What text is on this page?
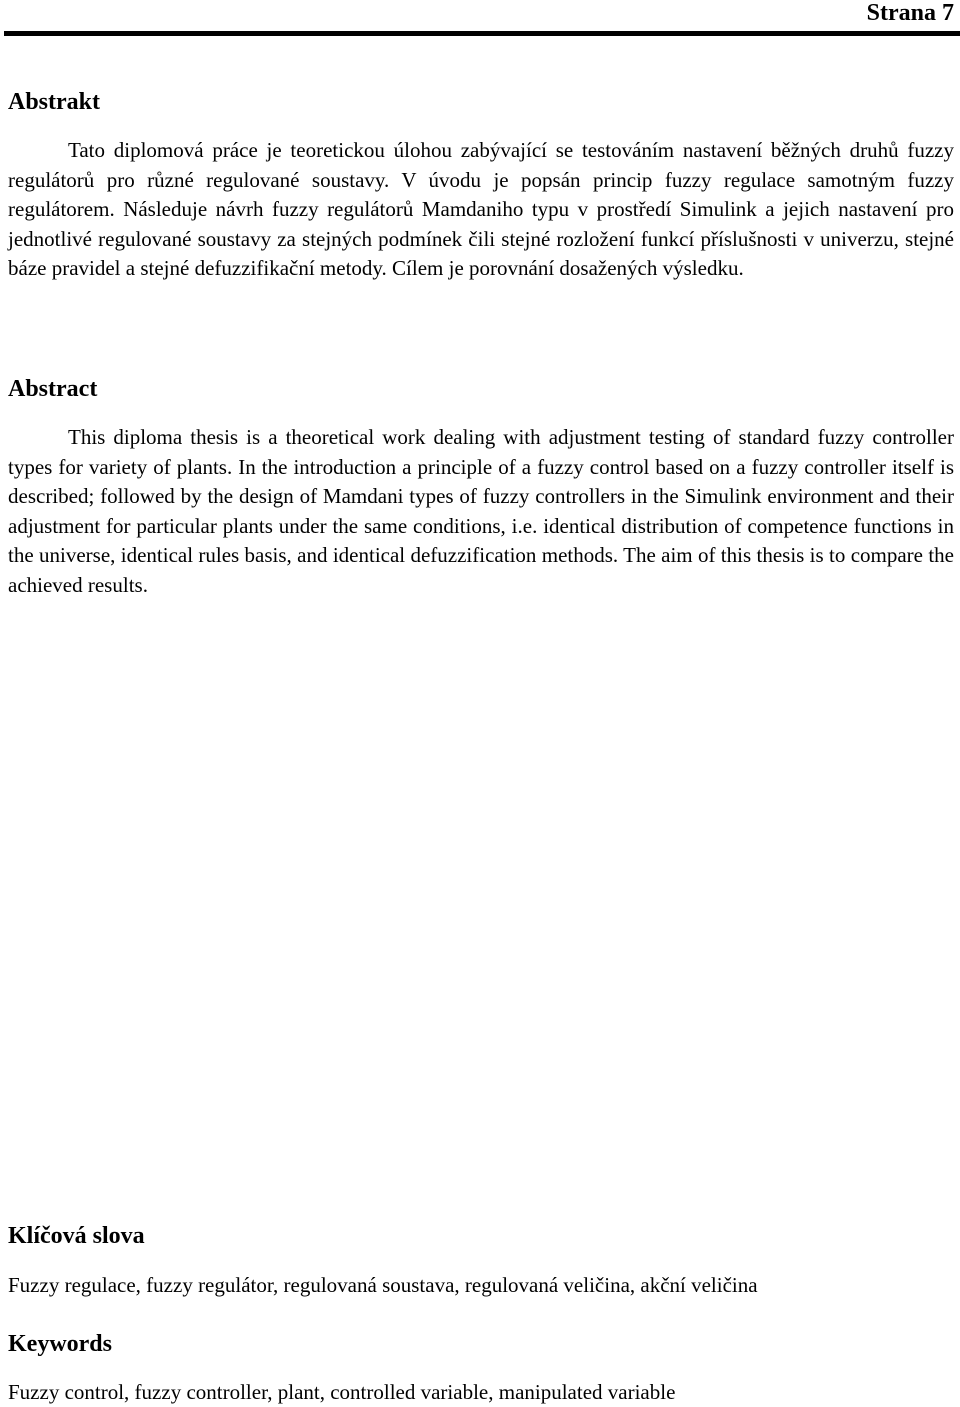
Strana 7
Abstrakt

Tato diplomová práce je teoretickou úlohou zabývající se testováním nastavení běžných druhů fuzzy regulátorů pro různé regulované soustavy. V úvodu je popsán princip fuzzy regulace samotným fuzzy regulátorem. Následuje návrh fuzzy regulátorů Mamdaniho typu v prostředí Simulink a jejich nastavení pro jednotlivé regulované soustavy za stejných podmínek čili stejné rozložení funkcí příslušnosti v univerzu, stejné báze pravidel a stejné defuzzifikační metody. Cílem je porovnání dosažených výsledku.

Abstract

This diploma thesis is a theoretical work dealing with adjustment testing of standard fuzzy controller types for variety of plants. In the introduction a principle of a fuzzy control based on a fuzzy controller itself is described; followed by the design of Mamdani types of fuzzy controllers in the Simulink environment and their adjustment for particular plants under the same conditions, i.e. identical distribution of competence functions in the universe, identical rules basis, and identical defuzzification methods. The aim of this thesis is to compare the achieved results.

Klíčová slova

Fuzzy regulace, fuzzy regulátor, regulovaná soustava, regulovaná veličina, akční veličina

Keywords

Fuzzy control, fuzzy controller, plant, controlled variable, manipulated variable
